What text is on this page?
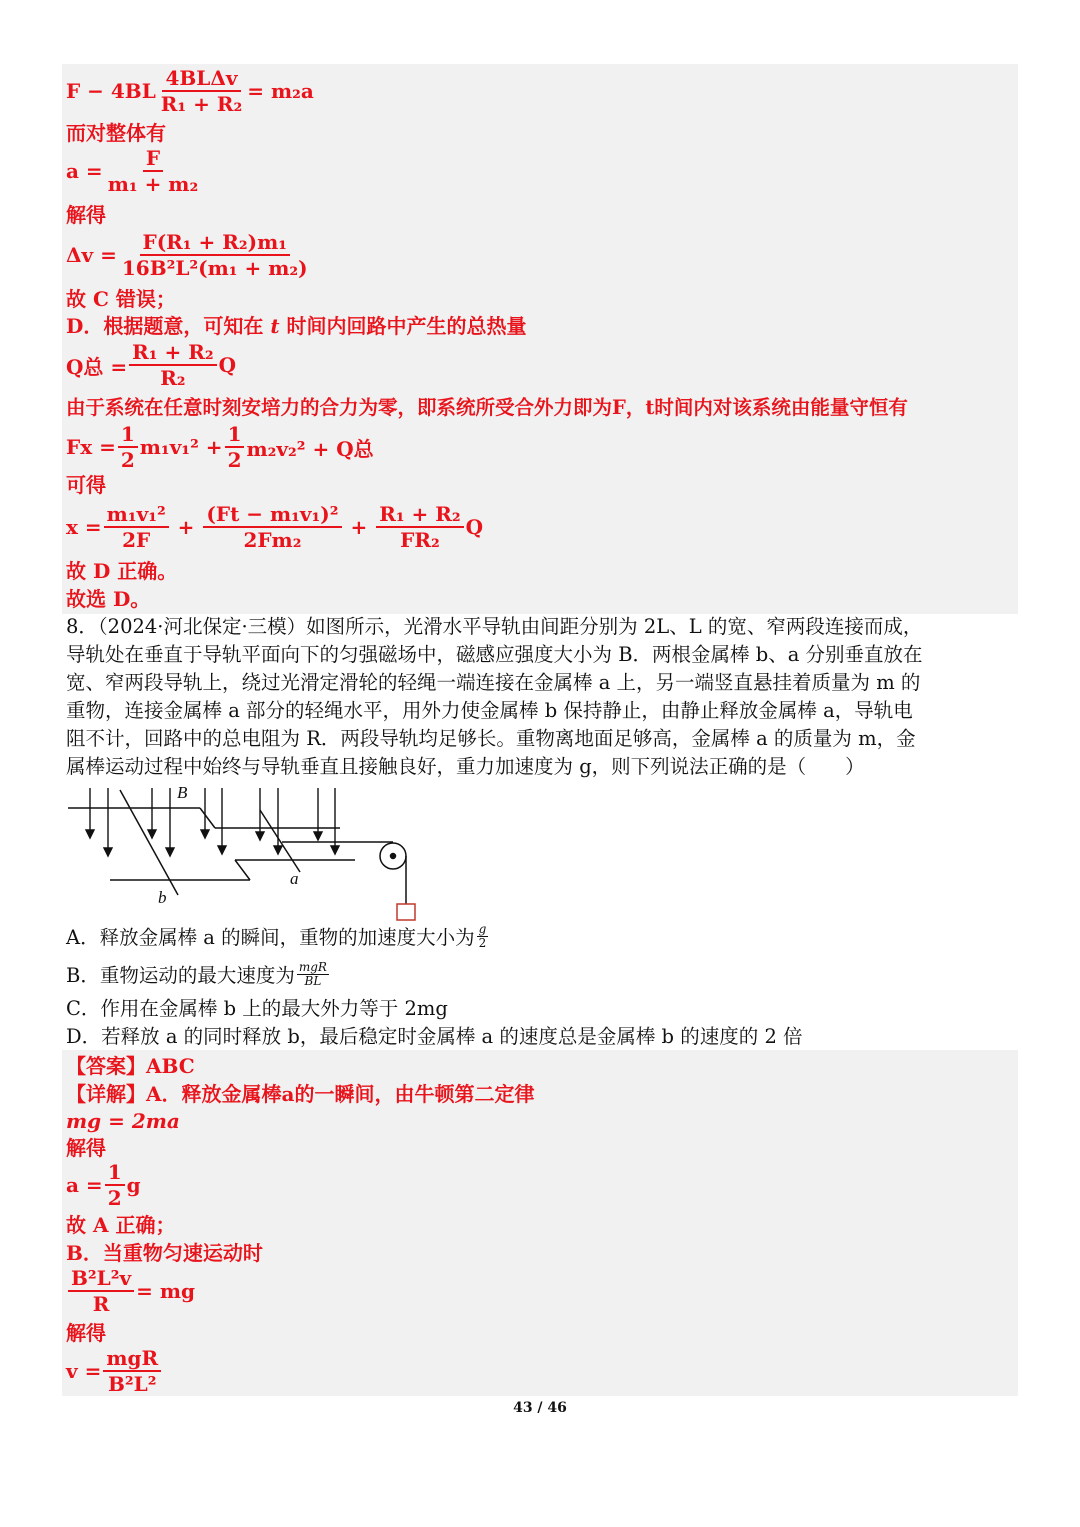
$F - 4BL \frac{\text{4BLΔv}}{\text{R₁ + R₂}} = m_2a$
而对整体有
$a = \frac{F}{\text{m₁ + m₂}}$
解得
$\Delta v = \frac{\text{F(R₁ + R₂)m₁}}{\text{16B²L²(m₁ + m₂)}}$
故 C 错误；
D．根据题意，可知在 t 时间内回路中产生的总热量
Q总 = $\frac{\text{R₁ + R₂}}{\text{R₂}}$ Q
由于系统在任意时刻安培力的合力为零，即系统所受合外力即为F，t时间内对该系统由能量守恒有
$Fx = \frac{1}{2} m_1v_1^2 + \frac{1}{2} m_2v_2^2 + Q$总
可得
$x = \frac{\text{m₁v₁²}}{2F} + \frac{\text{(Ft − m₁v₁)²}}{\text{2Fm₂}} + \frac{\text{R₁ + R₂}}{\text{FR₂}}$ Q
故 D 正确。
故选 D。
8．（2024·河北保定·三模）如图所示，光滑水平导轨由间距分别为 2L、L 的宽、窄两段连接而成，
导轨处在垂直于导轨平面向下的匀强磁场中，磁感应强度大小为 B．两根金属棒 b、a 分别垂直放在
宽、窄两段导轨上，绕过光滑定滑轮的轻绳一端连接在金属棒 a 上，另一端竖直悬挂着质量为 m 的
重物，连接金属棒 a 部分的轻绳水平，用外力使金属棒 b 保持静止，由静止释放金属棒 a，导轨电
阻不计，回路中的总电阻为 R．两段导轨均足够长。重物离地面足够高，金属棒 a 的质量为 m，金
属棒运动过程中始终与导轨垂直且接触良好，重力加速度为 g，则下列说法正确的是（　　）
B
a
b
A．释放金属棒 a 的瞬间，重物的加速度大小为 $\frac{g}{2}$
B．重物运动的最大速度为 $\frac{\text{mgR}}{BL}$
C．作用在金属棒 b 上的最大外力等于 2mg
D．若释放 a 的同时释放 b，最后稳定时金属棒 a 的速度总是金属棒 b 的速度的 2 倍
【答案】ABC
【详解】A．释放金属棒a的一瞬间，由牛顿第二定律
mg = 2ma
解得
$a = \frac{1}{2}$ g
故 A 正确；
B．当重物匀速运动时
$\frac{\text{B²L²v}}{R}$ = mg
解得
$v = \frac{\text{mgR}}{\text{B²L²}}$
43 / 46
